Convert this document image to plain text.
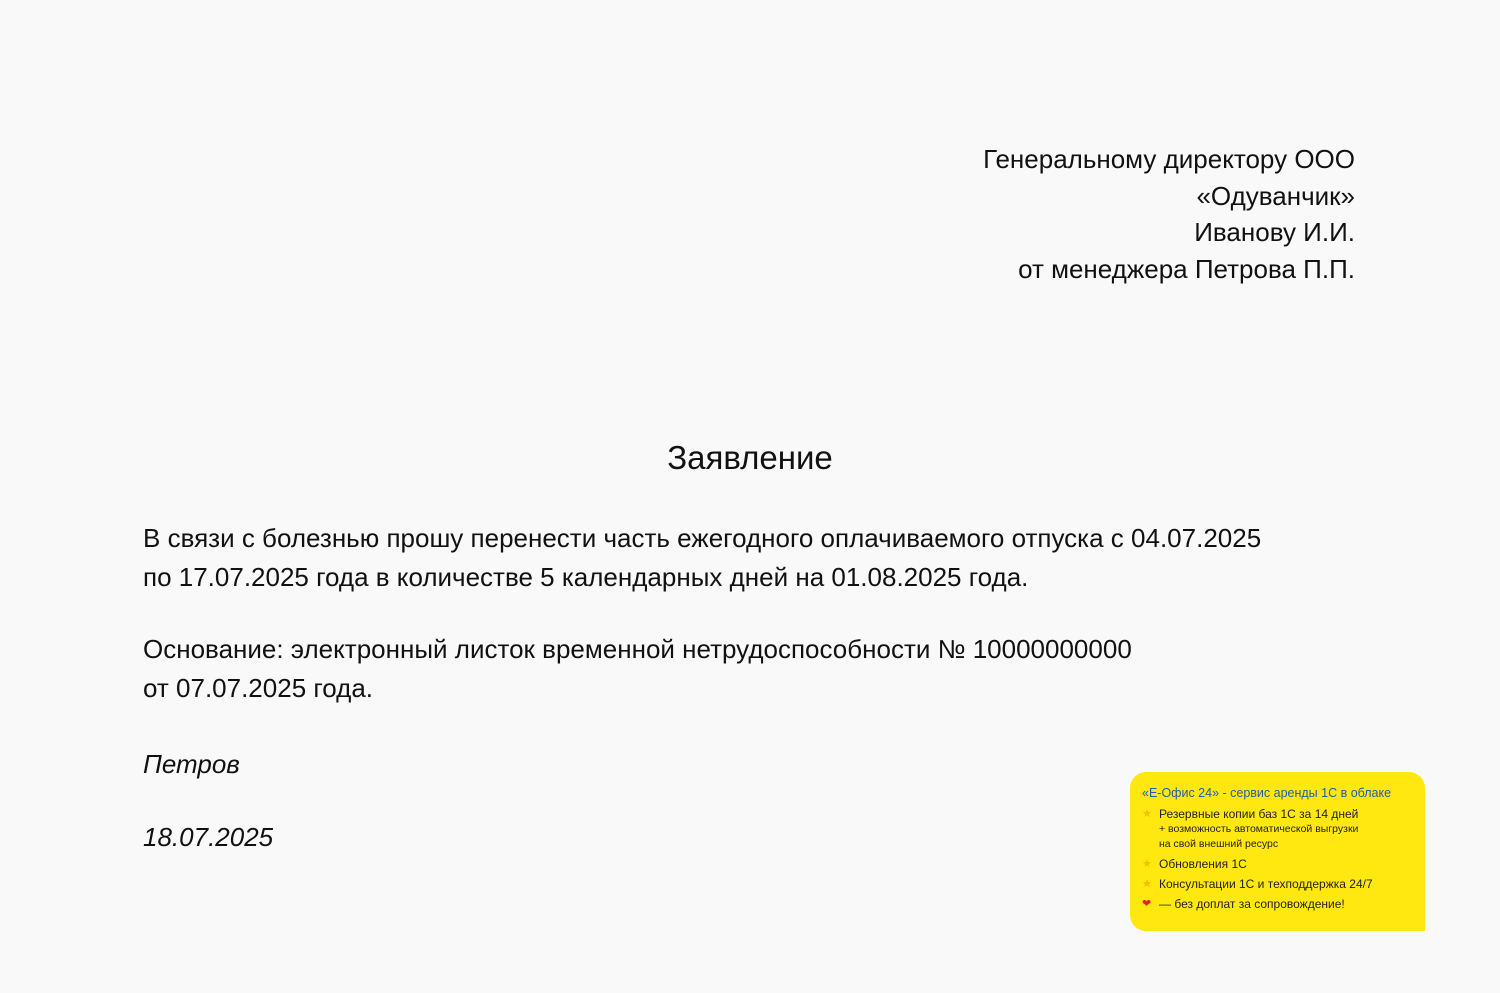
Генеральному директору ООО
«Одуванчик»
Иванову И.И.
от менеджера Петрова П.П.
Заявление
В связи с болезнью прошу перенести часть ежегодного оплачиваемого отпуска с 04.07.2025
по 17.07.2025 года в количестве 5 календарных дней на 01.08.2025 года.
Основание: электронный листок временной нетрудоспособности № 10000000000
от 07.07.2025 года.
Петров
18.07.2025
«Е-Офис 24» - сервис аренды 1С в облаке
★ Резервные копии баз 1С за 14 дней
+ возможность автоматической выгрузки
на свой внешний ресурс
★ Обновления 1С
★ Консультации 1С и техподдержка 24/7
❤ — без доплат за сопровождение!
